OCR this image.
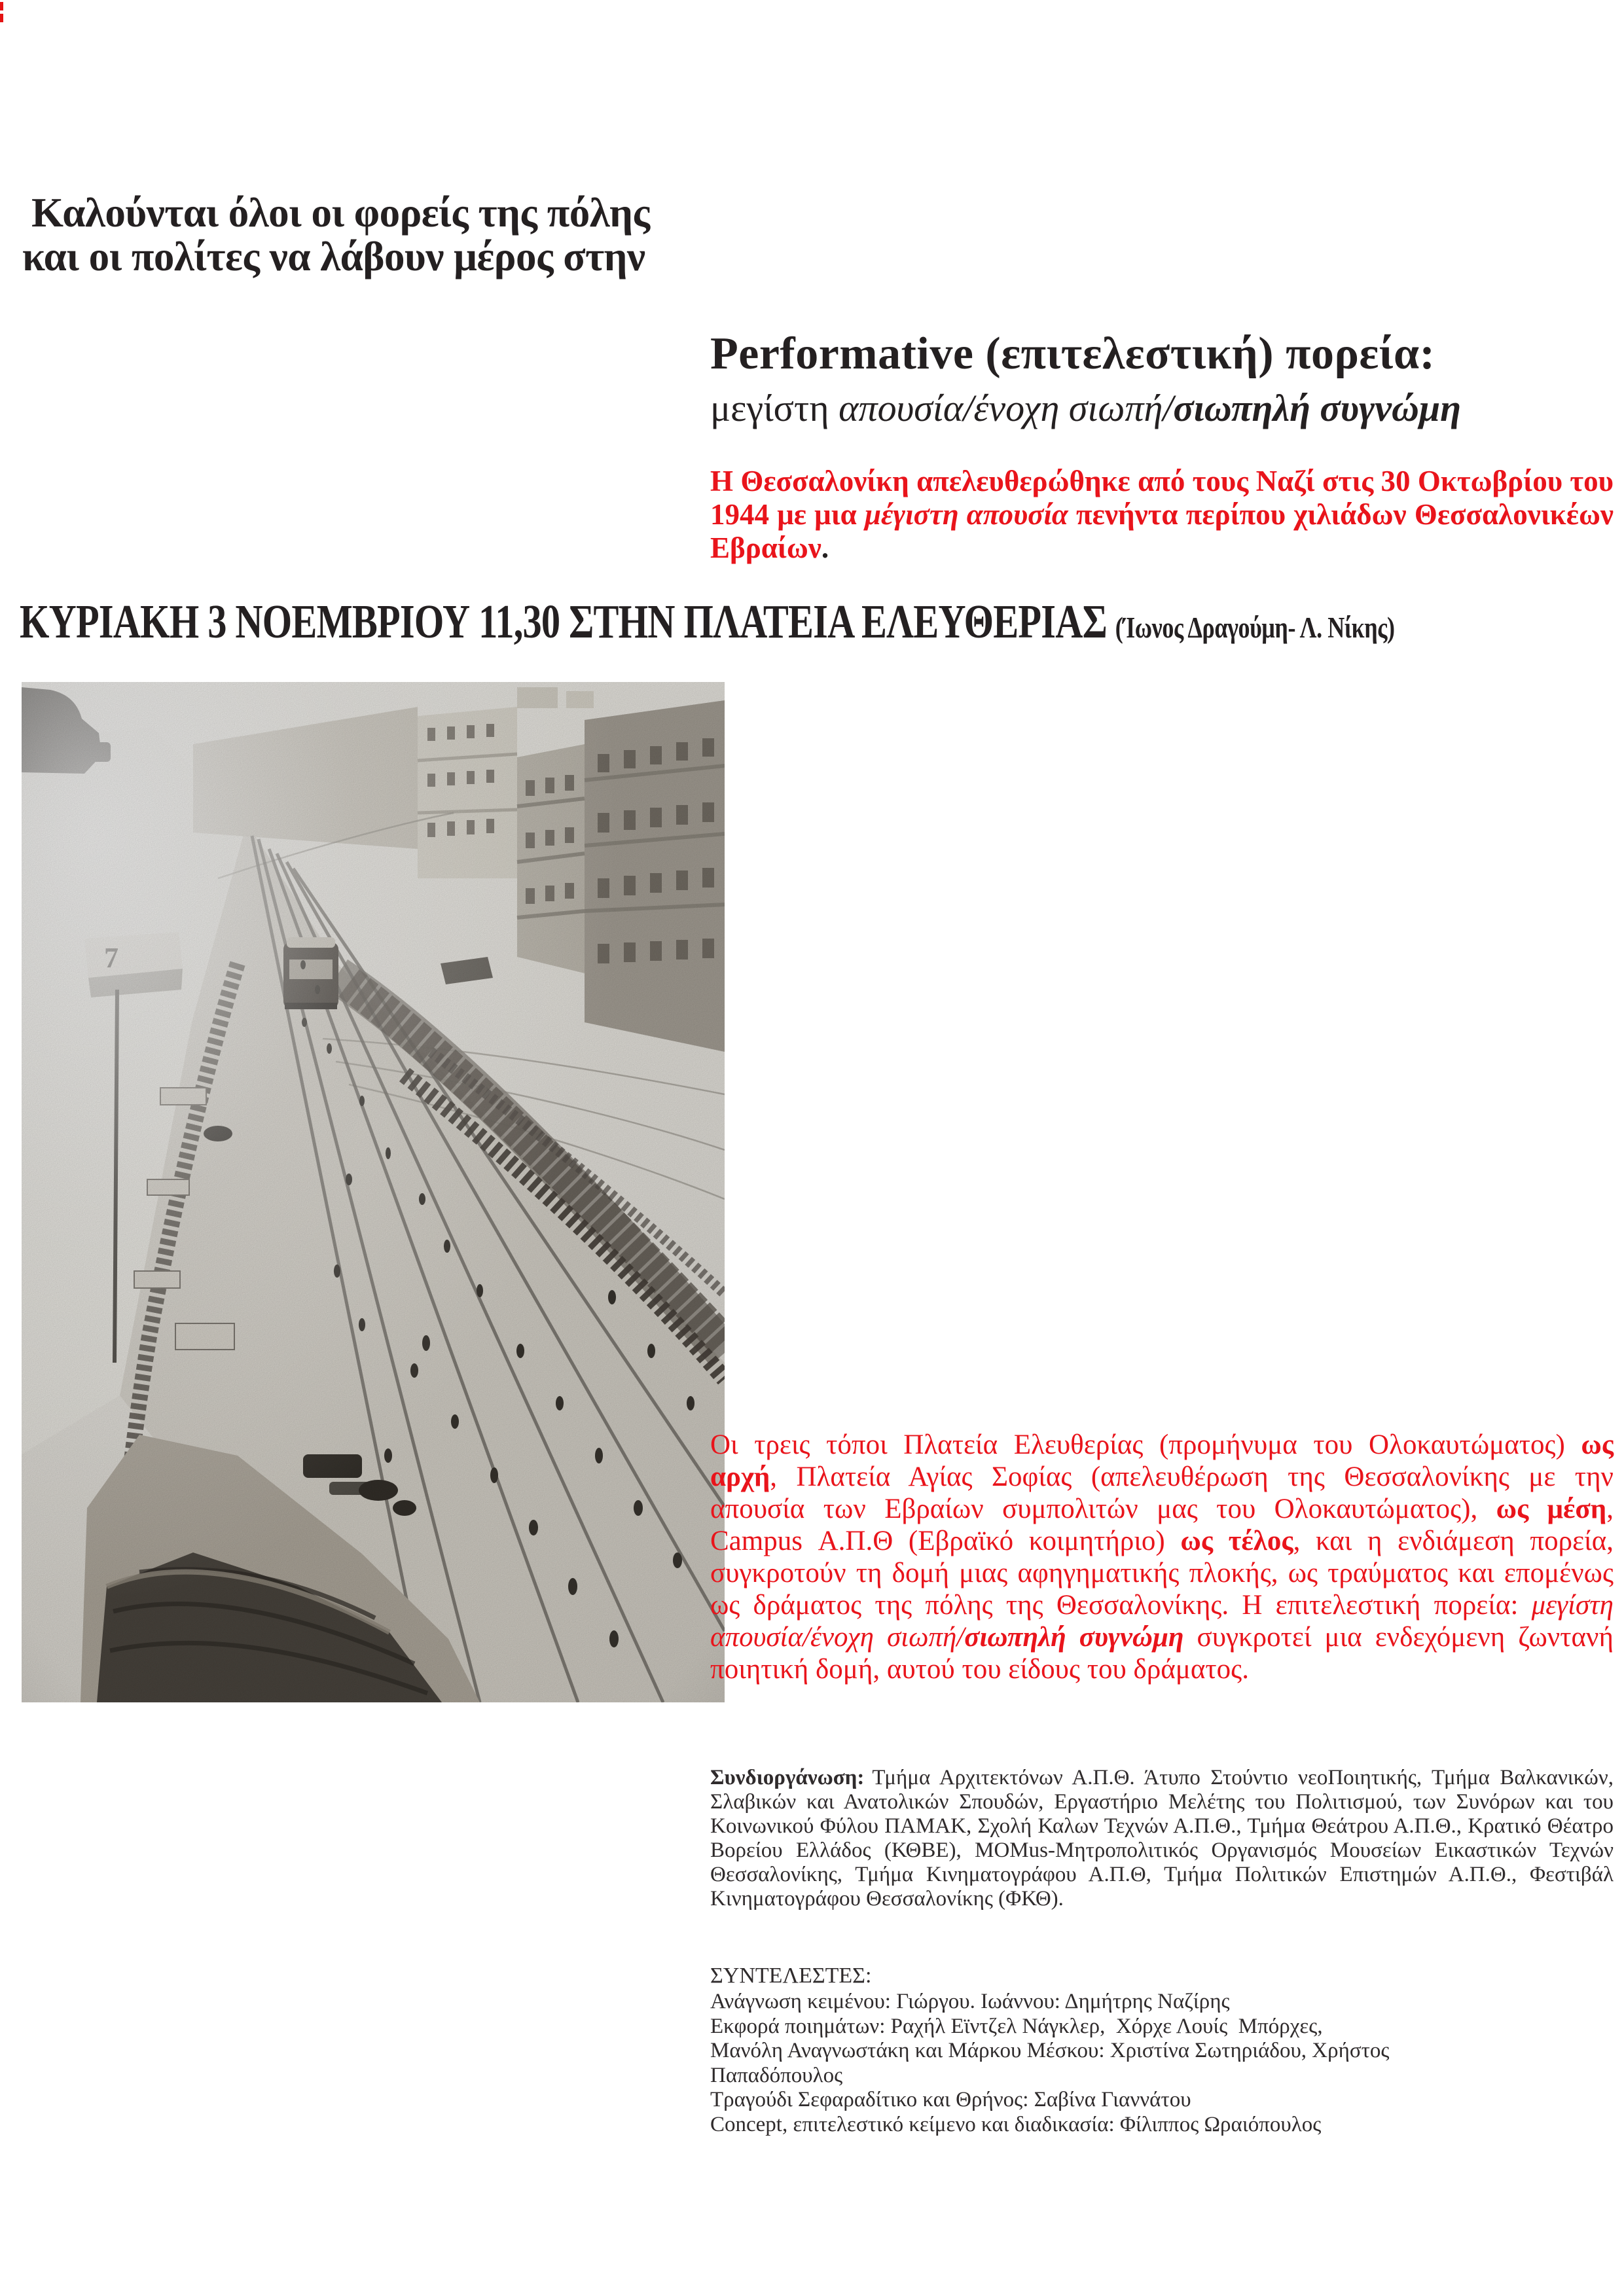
Καλούνται όλοι οι φορείς της πόλης
και οι πολίτες να λάβουν μέρος στην
Performative (επιτελεστική) πορεία:
μεγίστη απουσία/ένοχη σιωπή/σιωπηλή συγνώμη
Η Θεσσαλονίκη απελευθερώθηκε από τους Ναζί στις 30 Οκτωβρίου του 1944 με μια μέγιστη απουσία πενήντα περίπου χιλιάδων Θεσσαλονικέων Εβραίων.
ΚΥΡΙΑΚΗ 3 ΝΟΕΜΒΡΙΟΥ 11,30 ΣΤΗΝ ΠΛΑΤΕΙΑ ΕΛΕΥΘΕΡΙΑΣ (Ίωνος Δραγούμη- Λ. Νίκης)
Οι τρεις τόποι Πλατεία Ελευθερίας (προμήνυμα του Ολοκαυτώματος) ως αρχή, Πλατεία Αγίας Σοφίας (απελευθέρωση της Θεσσαλονίκης με την απουσία των Εβραίων συμπολιτών μας του Ολοκαυτώματος), ως μέση, Campus Α.Π.Θ (Εβραϊκό κοιμητήριο) ως τέλος, και η ενδιάμεση πορεία, συγκροτούν τη δομή μιας αφηγηματικής πλοκής, ως τραύματος και επομένως ως δράματος της πόλης της Θεσσαλονίκης. Η επιτελεστική πορεία: μεγίστη απουσία/ένοχη σιωπή/σιωπηλή συγνώμη συγκροτεί μια ενδεχόμενη ζωντανή ποιητική δομή, αυτού του είδους του δράματος.
Συνδιοργάνωση: Τμήμα Αρχιτεκτόνων Α.Π.Θ. Άτυπο Στούντιο νεοΠοιητικής, Τμήμα Βαλκανικών, Σλαβικών και Ανατολικών Σπουδών, Εργαστήριο Μελέτης του Πολιτισμού, των Συνόρων και του Κοινωνικού Φύλου ΠΑΜΑΚ, Σχολή Καλων Τεχνών Α.Π.Θ., Τμήμα Θεάτρου Α.Π.Θ., Κρατικό Θέατρο Βορείου Ελλάδος (ΚΘΒΕ), MOMus-Μητροπολιτικός Οργανισμός Μουσείων Εικαστικών Τεχνών Θεσσαλονίκης, Τμήμα Κινηματογράφου Α.Π.Θ, Τμήμα Πολιτικών Επιστημών Α.Π.Θ., Φεστιβάλ Κινηματογράφου Θεσσαλονίκης (ΦΚΘ).
ΣΥΝΤΕΛΕΣΤΕΣ:
Ανάγνωση κειμένου: Γιώργου. Ιωάννου: Δημήτρης Ναζίρης
Εκφορά ποιημάτων: Ραχήλ Εϊντζελ Νάγκλερ,  Χόρχε Λουίς  Μπόρχες,
Μανόλη Αναγνωστάκη και Μάρκου Μέσκου: Χριστίνα Σωτηριάδου, Χρήστος
Παπαδόπουλος
Τραγούδι Σεφαραδίτικο και Θρήνος: Σαβίνα Γιαννάτου
Concept, επιτελεστικό κείμενο και διαδικασία: Φίλιππος Ωραιόπουλος
